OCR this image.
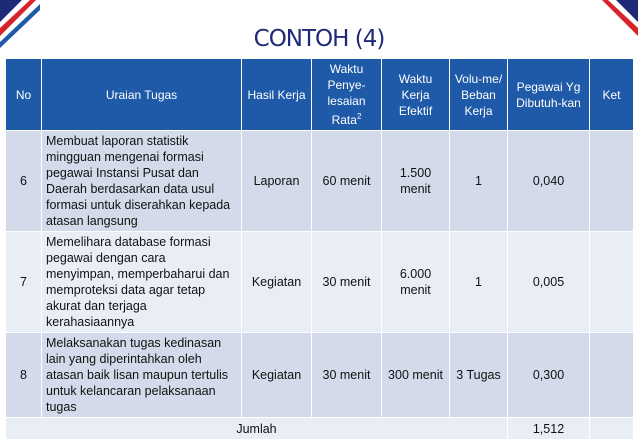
CONTOH (4)
No	Uraian Tugas	Hasil Kerja	Waktu Penye-lesaian Rata$^2$	Waktu Kerja Efektif	Volu-me/ Beban Kerja	Pegawai Yg Dibutuh-kan	Ket
6	Membuat laporan statistik mingguan mengenai formasi pegawai Instansi Pusat dan Daerah berdasarkan data usul formasi untuk diserahkan kepada atasan langsung	Laporan	60 menit	1.500 menit	1	0,040	
7	Memelihara database formasi pegawai dengan cara menyimpan, memperbaharui dan memproteksi data agar tetap akurat dan terjaga kerahasiaannya	Kegiatan	30 menit	6.000 menit	1	0,005	
8	Melaksanakan tugas kedinasan lain yang diperintahkan oleh atasan baik lisan maupun tertulis untuk kelancaran pelaksanaan tugas	Kegiatan	30 menit	300 menit	3 Tugas	0,300	
Jumlah						1,512	
